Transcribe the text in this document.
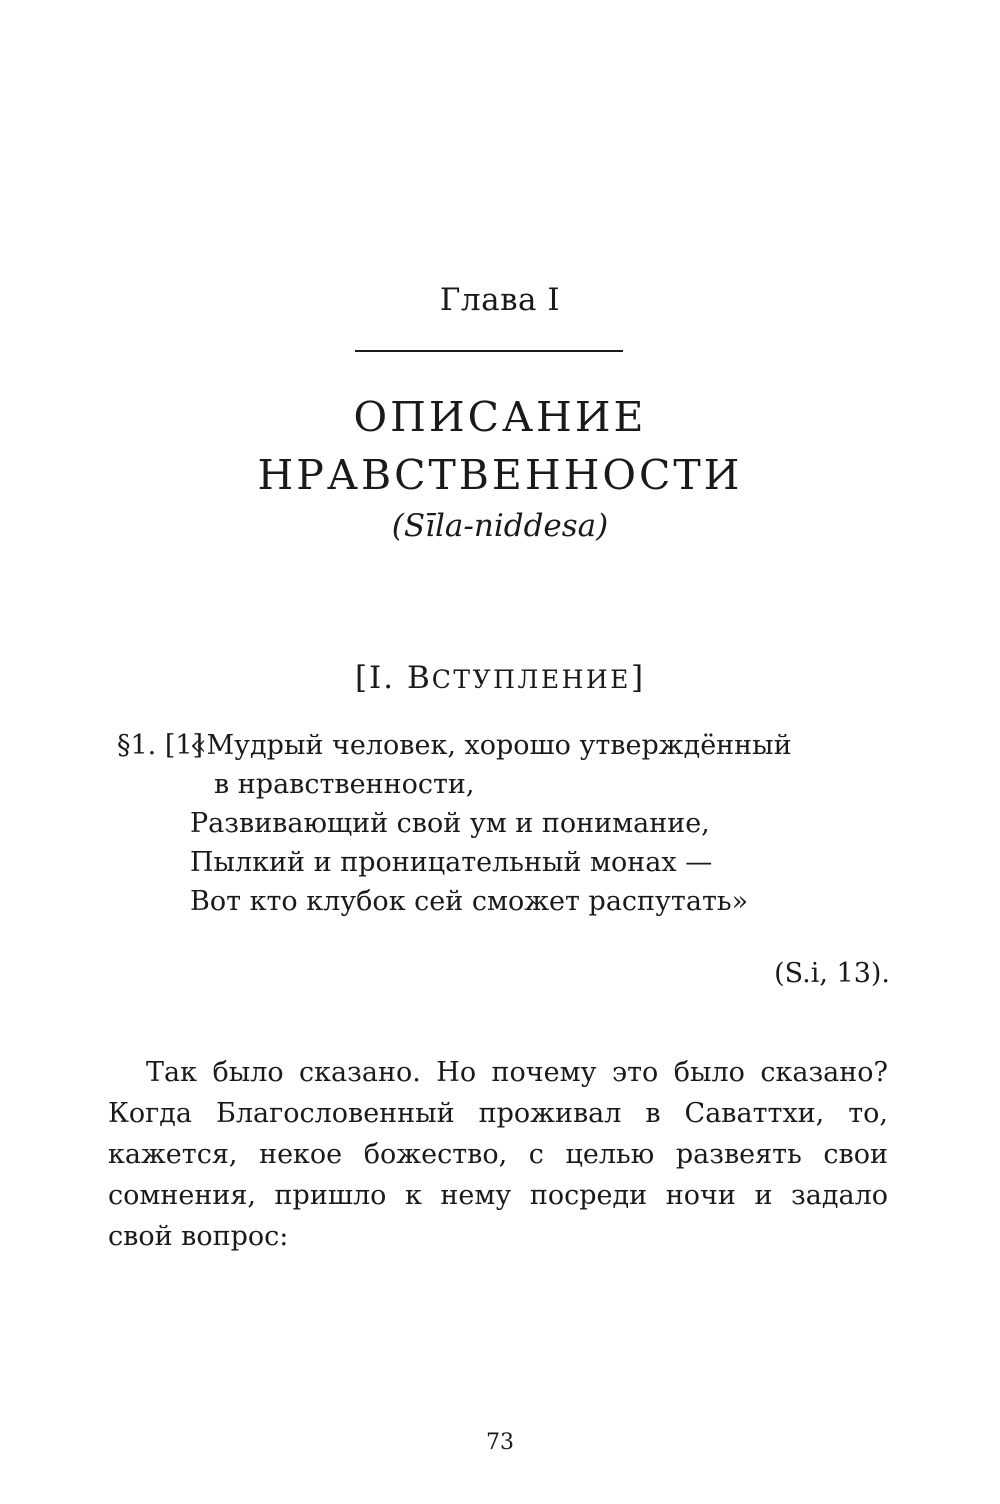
Глава I
ОПИСАНИЕ
НРАВСТВЕННОСТИ
(Sīla-niddesa)
[I. ВСТУПЛЕНИЕ]
§1. [1]
«Мудрый человек, хорошо утверждённый
в нравственности,
Развивающий свой ум и понимание,
Пылкий и проницательный монах —
Вот кто клубок сей сможет распутать»
(S.i, 13).

Так было сказано. Но почему это было сказано? Когда Благословенный проживал в Саваттхи, то, кажется, некое божество, с целью развеять свои сомнения, пришло к нему посреди ночи и задало свой вопрос:

73
